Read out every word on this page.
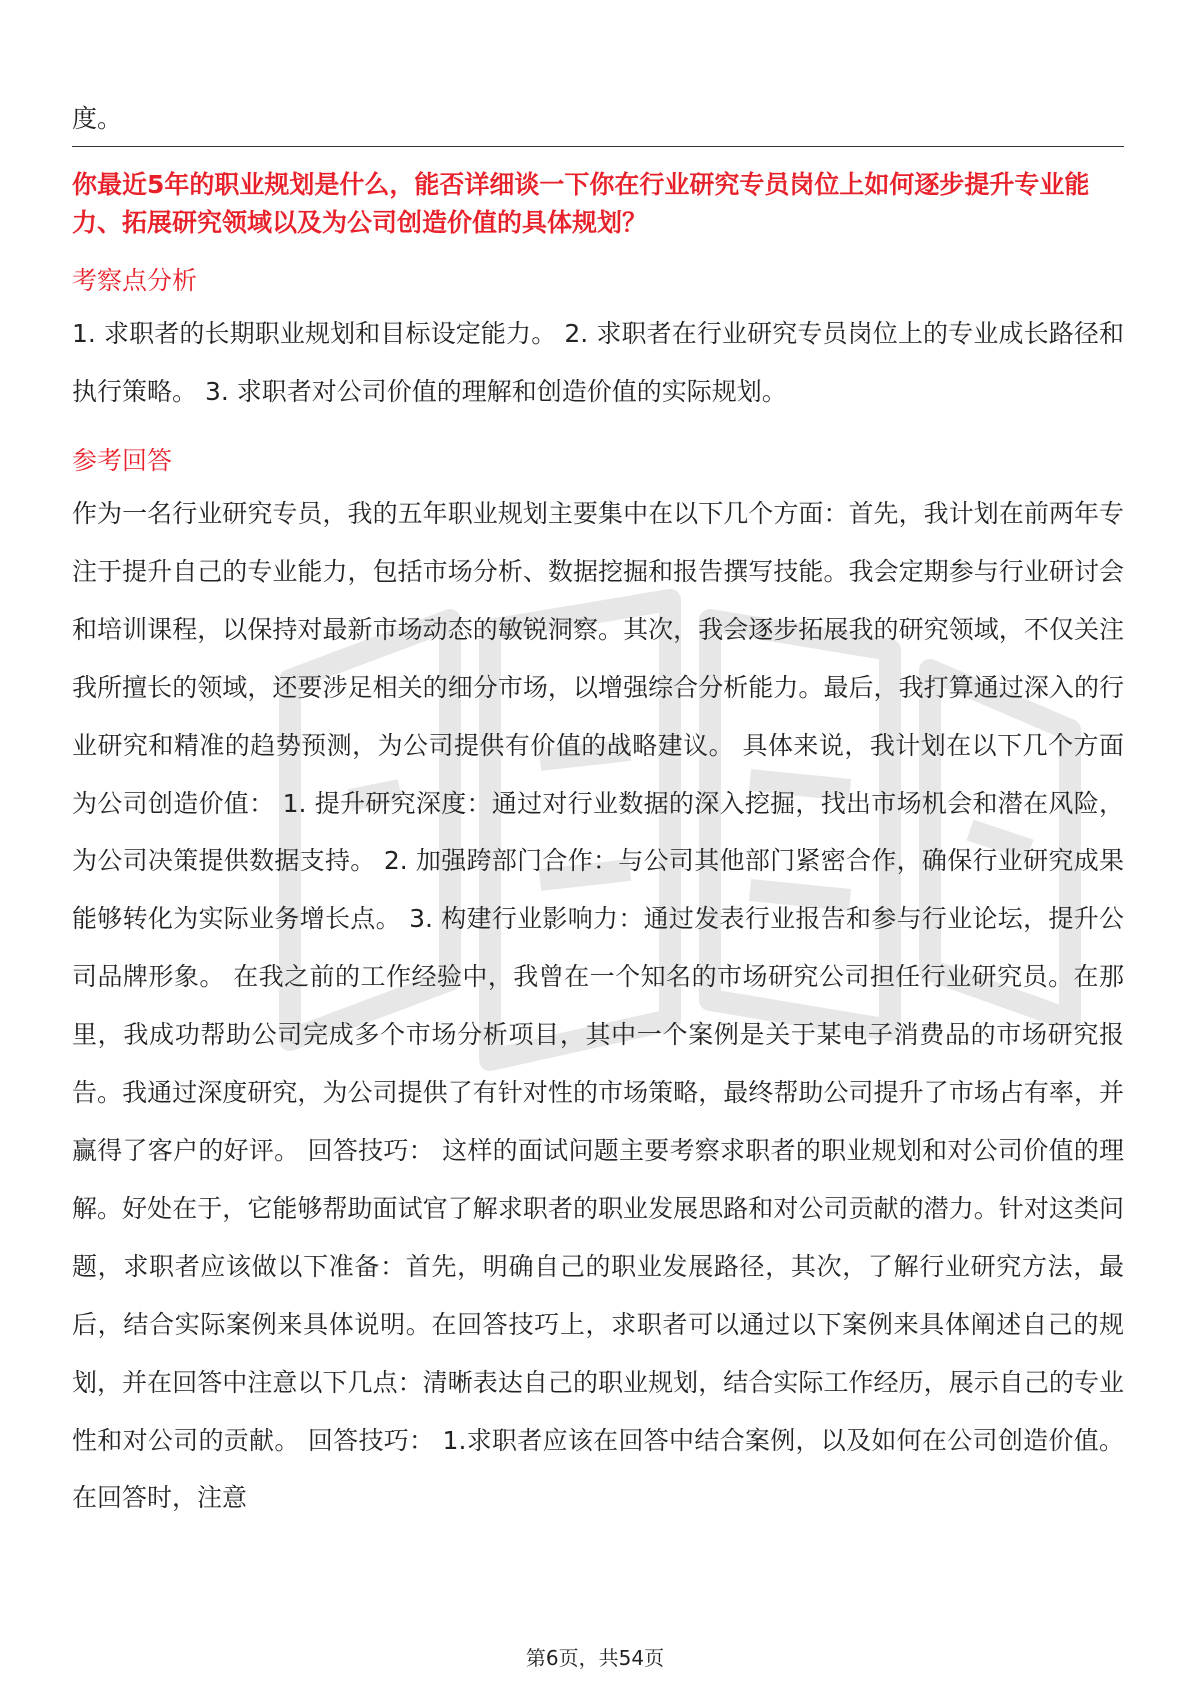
度。

你最近5年的职业规划是什么，能否详细谈一下你在行业研究专员岗位上如何逐步提升专业能力、拓展研究领域以及为公司创造价值的具体规划？
考察点分析

1. 求职者的长期职业规划和目标设定能力。 2. 求职者在行业研究专员岗位上的专业成长路径和执行策略。 3. 求职者对公司价值的理解和创造价值的实际规划。

参考回答

作为一名行业研究专员，我的五年职业规划主要集中在以下几个方面：首先，我计划在前两年专注于提升自己的专业能力，包括市场分析、数据挖掘和报告撰写技能。我会定期参与行业研讨会和培训课程，以保持对最新市场动态的敏锐洞察。其次，我会逐步拓展我的研究领域，不仅关注我所擅长的领域，还要涉足相关的细分市场，以增强综合分析能力。最后，我打算通过深入的行业研究和精准的趋势预测，为公司提供有价值的战略建议。 具体来说，我计划在以下几个方面为公司创造价值： 1. 提升研究深度：通过对行业数据的深入挖掘，找出市场机会和潜在风险，为公司决策提供数据支持。 2. 加强跨部门合作：与公司其他部门紧密合作，确保行业研究成果能够转化为实际业务增长点。 3. 构建行业影响力：通过发表行业报告和参与行业论坛，提升公司品牌形象。 在我之前的工作经验中，我曾在一个知名的市场研究公司担任行业研究员。在那里，我成功帮助公司完成多个市场分析项目，其中一个案例是关于某电子消费品的市场研究报告。我通过深度研究，为公司提供了有针对性的市场策略，最终帮助公司提升了市场占有率，并赢得了客户的好评。 回答技巧： 这样的面试问题主要考察求职者的职业规划和对公司价值的理解。好处在于，它能够帮助面试官了解求职者的职业发展思路和对公司贡献的潜力。针对这类问题，求职者应该做以下准备：首先，明确自己的职业发展路径，其次，了解行业研究方法，最后，结合实际案例来具体说明。在回答技巧上，求职者可以通过以下案例来具体阐述自己的规划，并在回答中注意以下几点：清晰表达自己的职业规划，结合实际工作经历，展示自己的专业性和对公司的贡献。 回答技巧： 1.求职者应该在回答中结合案例，以及如何在公司创造价值。在回答时，注意

第6页，共54页
